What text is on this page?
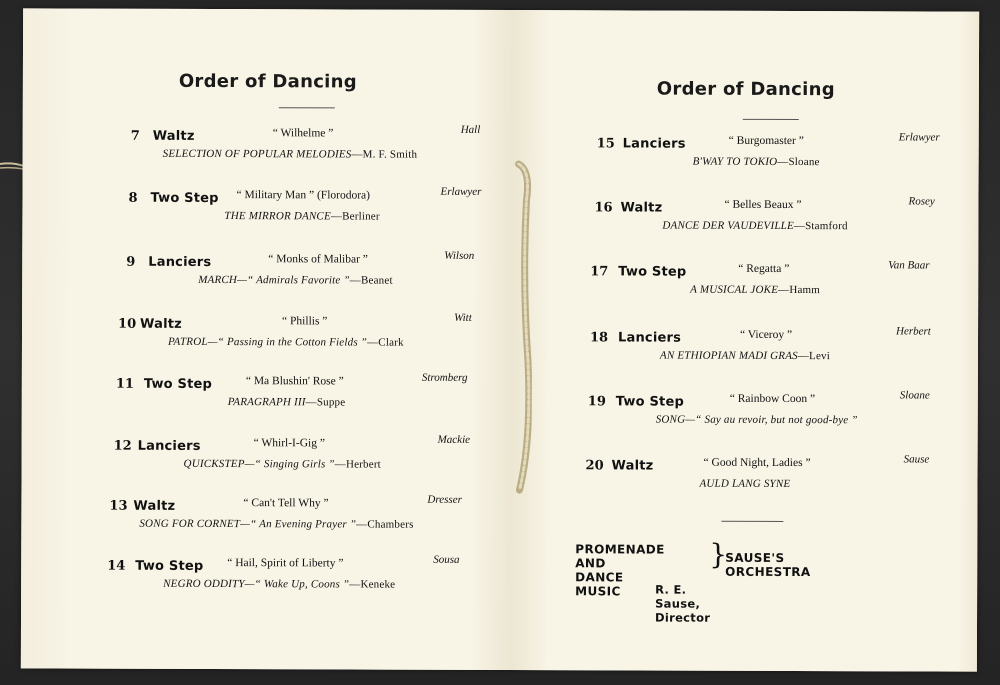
Order of Dancing
7 Waltz	“ Wilhelme ”	Hall
SELECTION OF POPULAR MELODIES—M. F. Smith
8 Two Step “ Military Man ” (Florodora)	Erlawyer
THE MIRROR DANCE—Berliner
9 Lanciers	“ Monks of Malibar ”	Wilson
MARCH—“ Admirals Favorite ”—Beanet
10 Waltz	“ Phillis ”	Witt
PATROL—“ Passing in the Cotton Fields ”—Clark
11 Two Step	“ Ma Blushin' Rose ”	Stromberg
PARAGRAPH III—Suppe
12 Lanciers	“ Whirl-I-Gig ”	Mackie
QUICKSTEP—“ Singing Girls ”—Herbert
13 Waltz	“ Can't Tell Why ”	Dresser
SONG FOR CORNET—“ An Evening Prayer ”—Chambers
14 Two Step “ Hail, Spirit of Liberty ”	Sousa
NEGRO ODDITY—“ Wake Up, Coons ”—Keneke
Order of Dancing
15 Lanciers	“ Burgomaster ”	Erlawyer
B'WAY TO TOKIO—Sloane
16 Waltz	“ Belles Beaux ”	Rosey
DANCE DER VAUDEVILLE—Stamford
17 Two Step	“ Regatta ”	Van Baar
A MUSICAL JOKE—Hamm
18 Lanciers	“ Viceroy ”	Herbert
AN ETHIOPIAN MADI GRAS—Levi
19 Two Step	“ Rainbow Coon ”	Sloane
SONG—“ Say au revoir, but not good-bye ”
20 Waltz	“ Good Night, Ladies ”	Sause
AULD LANG SYNE
PROMENADE AND
DANCE MUSIC
}
SAUSE'S ORCHESTRA
R. E. Sause, Director
